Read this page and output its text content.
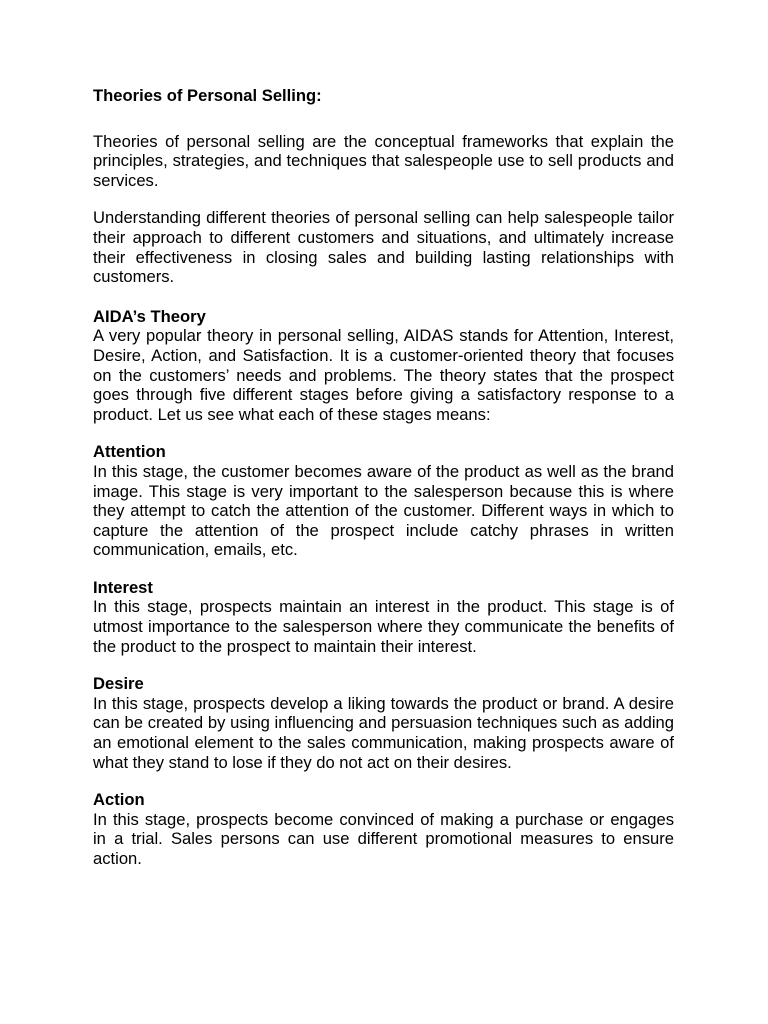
Theories of Personal Selling:

Theories of personal selling are the conceptual frameworks that explain the principles, strategies, and techniques that salespeople use to sell products and services.

Understanding different theories of personal selling can help salespeople tailor their approach to different customers and situations, and ultimately increase their effectiveness in closing sales and building lasting relationships with customers.

AIDA’s Theory
A very popular theory in personal selling, AIDAS stands for Attention, Interest, Desire, Action, and Satisfaction. It is a customer-oriented theory that focuses on the customers’ needs and problems. The theory states that the prospect goes through five different stages before giving a satisfactory response to a product. Let us see what each of these stages means:
Attention
In this stage, the customer becomes aware of the product as well as the brand image. This stage is very important to the salesperson because this is where they attempt to catch the attention of the customer. Different ways in which to capture the attention of the prospect include catchy phrases in written communication, emails, etc.
Interest
In this stage, prospects maintain an interest in the product. This stage is of utmost importance to the salesperson where they communicate the benefits of the product to the prospect to maintain their interest.
Desire
In this stage, prospects develop a liking towards the product or brand. A desire can be created by using influencing and persuasion techniques such as adding an emotional element to the sales communication, making prospects aware of what they stand to lose if they do not act on their desires.
Action
In this stage, prospects become convinced of making a purchase or engages in a trial. Sales persons can use different promotional measures to ensure action.
